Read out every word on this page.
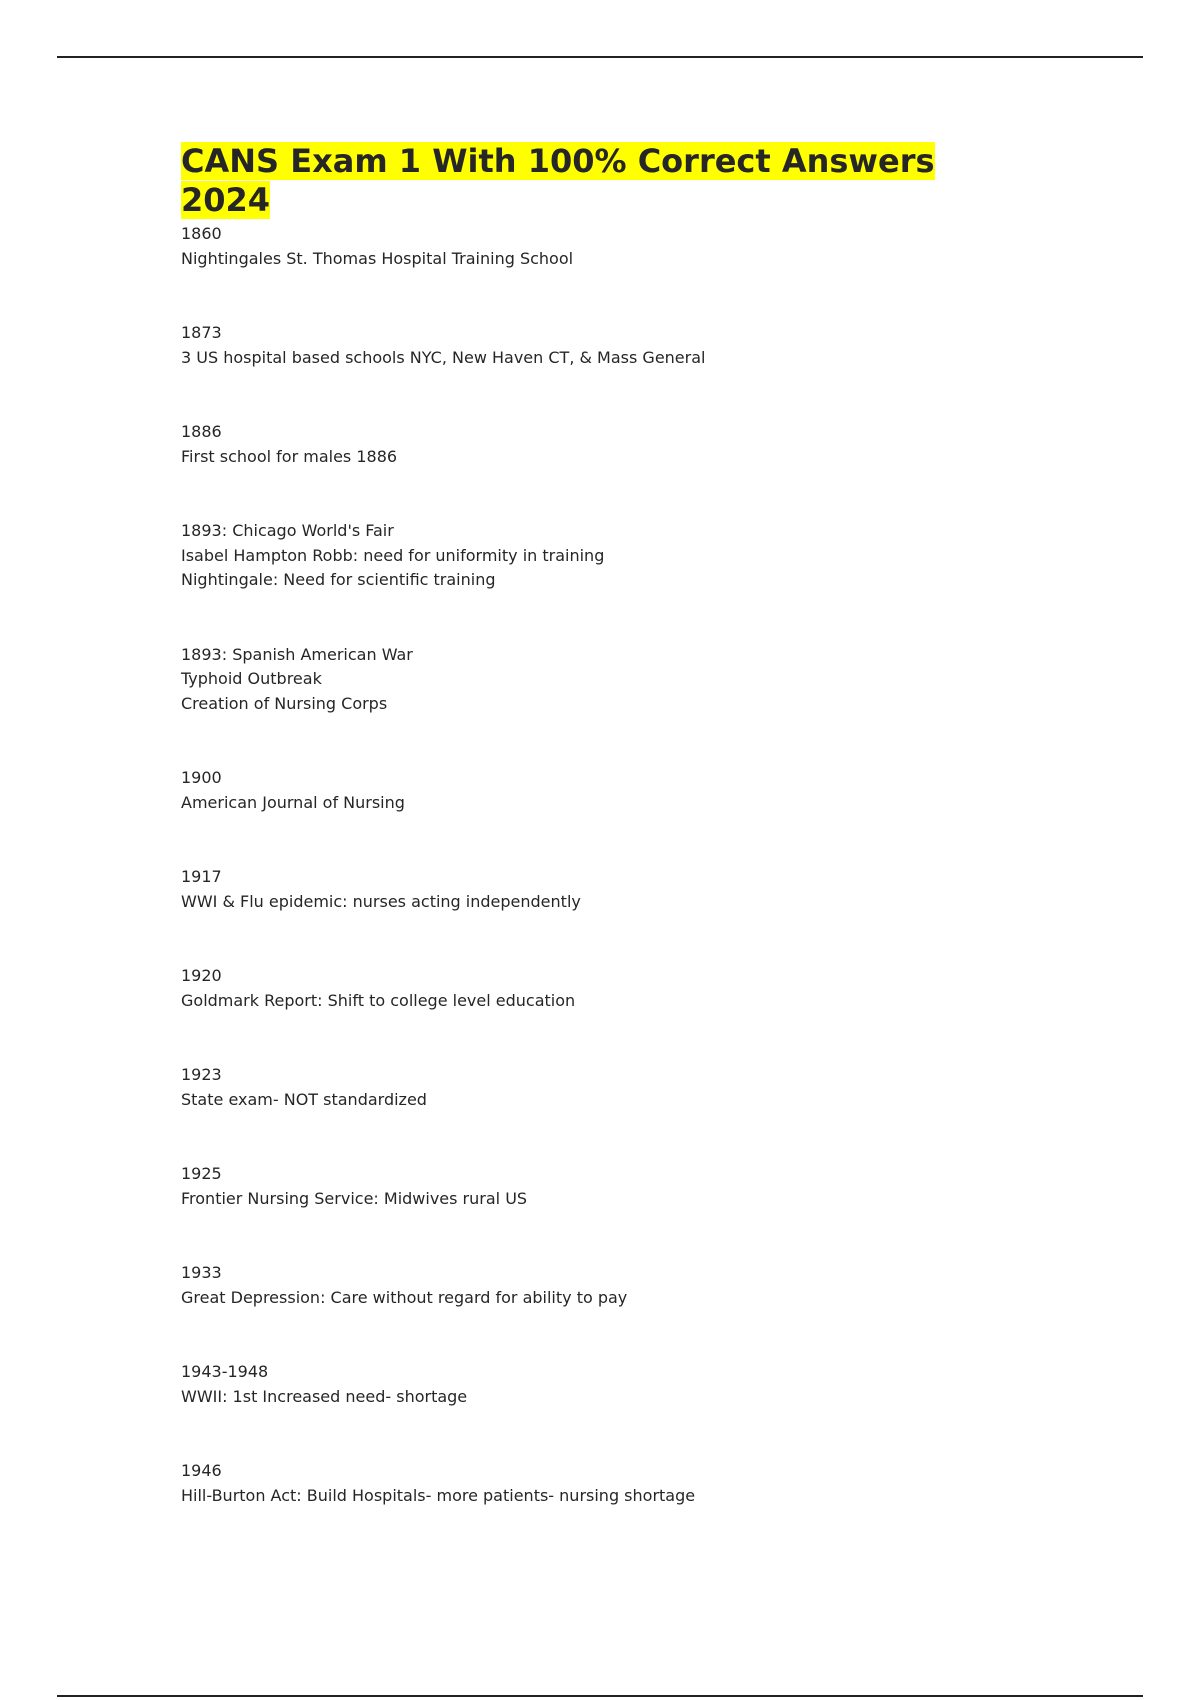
CANS Exam 1 With 100% Correct Answers 2024
1860
Nightingales St. Thomas Hospital Training School
1873
3 US hospital based schools NYC, New Haven CT, & Mass General
1886
First school for males 1886
1893: Chicago World's Fair
Isabel Hampton Robb: need for uniformity in training
Nightingale: Need for scientific training
1893: Spanish American War
Typhoid Outbreak
Creation of Nursing Corps
1900
American Journal of Nursing
1917
WWI & Flu epidemic: nurses acting independently
1920
Goldmark Report: Shift to college level education
1923
State exam- NOT standardized
1925
Frontier Nursing Service: Midwives rural US
1933
Great Depression: Care without regard for ability to pay
1943-1948
WWII: 1st Increased need- shortage
1946
Hill-Burton Act: Build Hospitals- more patients- nursing shortage
